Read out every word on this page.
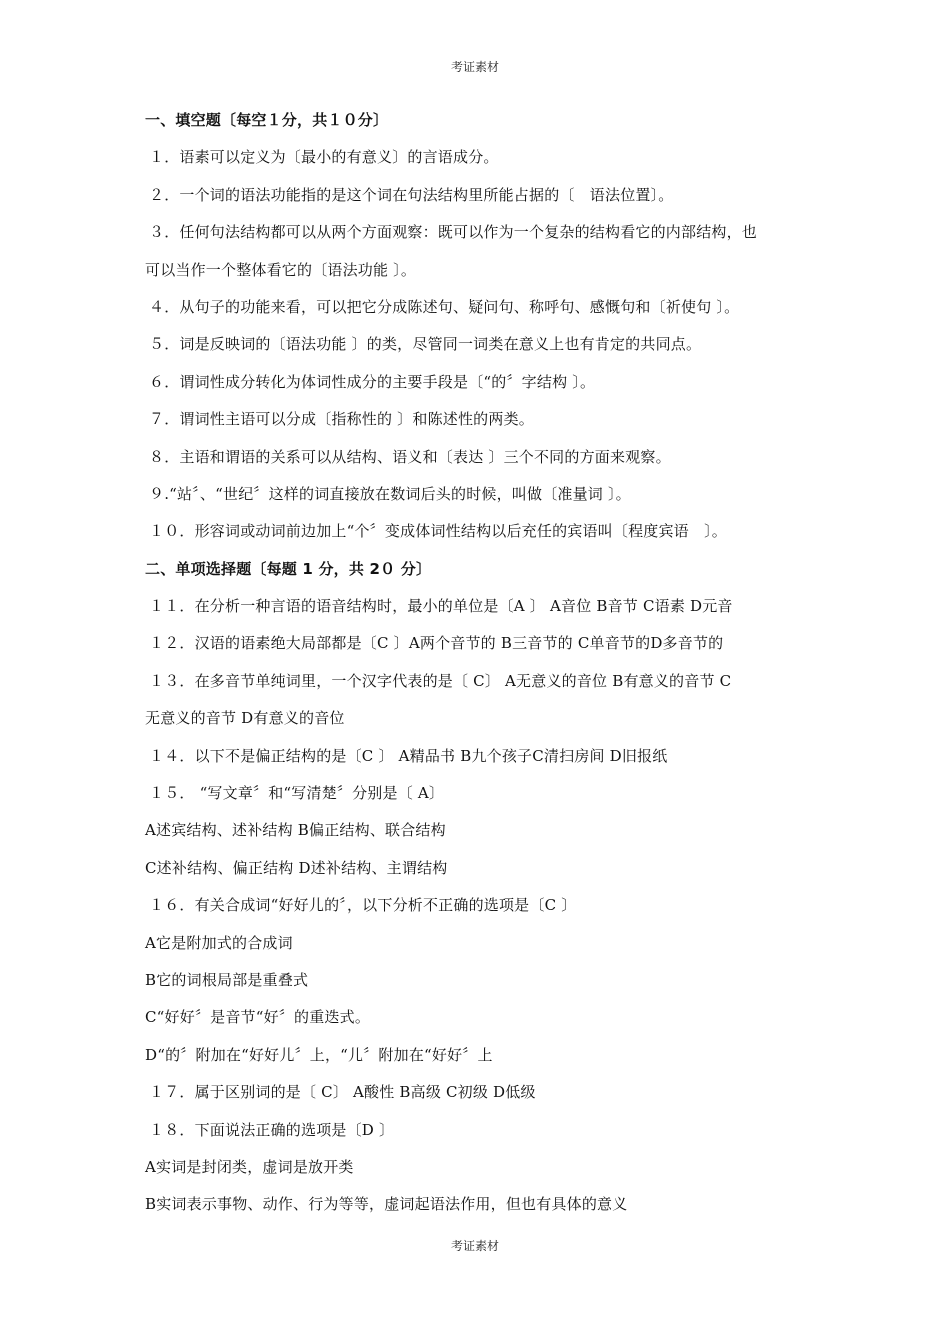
考证素材
一、填空题〔每空１分，共１０分〕
１．语素可以定义为〔最小的有意义〕的言语成分。
２．一个词的语法功能指的是这个词在句法结构里所能占据的〔　语法位置〕。
３．任何句法结构都可以从两个方面观察：既可以作为一个复杂的结构看它的内部结构，也
可以当作一个整体看它的〔语法功能 〕。
４．从句子的功能来看，可以把它分成陈述句、疑问句、称呼句、感慨句和〔祈使句 〕。
５．词是反映词的〔语法功能 〕的类，尽管同一词类在意义上也有肯定的共同点。
６．谓词性成分转化为体词性成分的主要手段是〔“的〞字结构 〕。
７．谓词性主语可以分成〔指称性的 〕和陈述性的两类。
８．主语和谓语的关系可以从结构、语义和〔表达 〕三个不同的方面来观察。
９.“站〞、“世纪〞这样的词直接放在数词后头的时候，叫做〔准量词 〕。
１０．形容词或动词前边加上“个〞变成体词性结构以后充任的宾语叫〔程度宾语　〕。
二、单项选择题〔每题 1 分，共 2０ 分〕
１１．在分析一种言语的语音结构时，最小的单位是〔A 〕 A音位 B音节 C语素 D元音
１２．汉语的语素绝大局部都是〔C 〕A两个音节的 B三音节的 C单音节的D多音节的
１３．在多音节单纯词里，一个汉字代表的是〔 C〕 A无意义的音位 B有意义的音节 C
无意义的音节 D有意义的音位
１４．以下不是偏正结构的是〔C 〕 A精品书 B九个孩子C清扫房间 D旧报纸
１５． “写文章〞和“写清楚〞分别是〔 A〕
A述宾结构、述补结构 B偏正结构、联合结构
C述补结构、偏正结构 D述补结构、主谓结构
１６．有关合成词“好好儿的〞，以下分析不正确的选项是〔C 〕
A它是附加式的合成词
B它的词根局部是重叠式
C“好好〞是音节“好〞的重迭式。
D“的〞附加在“好好儿〞上，“儿〞附加在“好好〞上
１７．属于区别词的是〔 C〕 A酸性 B高级 C初级 D低级
１８．下面说法正确的选项是〔D 〕
A实词是封闭类，虚词是放开类
B实词表示事物、动作、行为等等，虚词起语法作用，但也有具体的意义
考证素材
